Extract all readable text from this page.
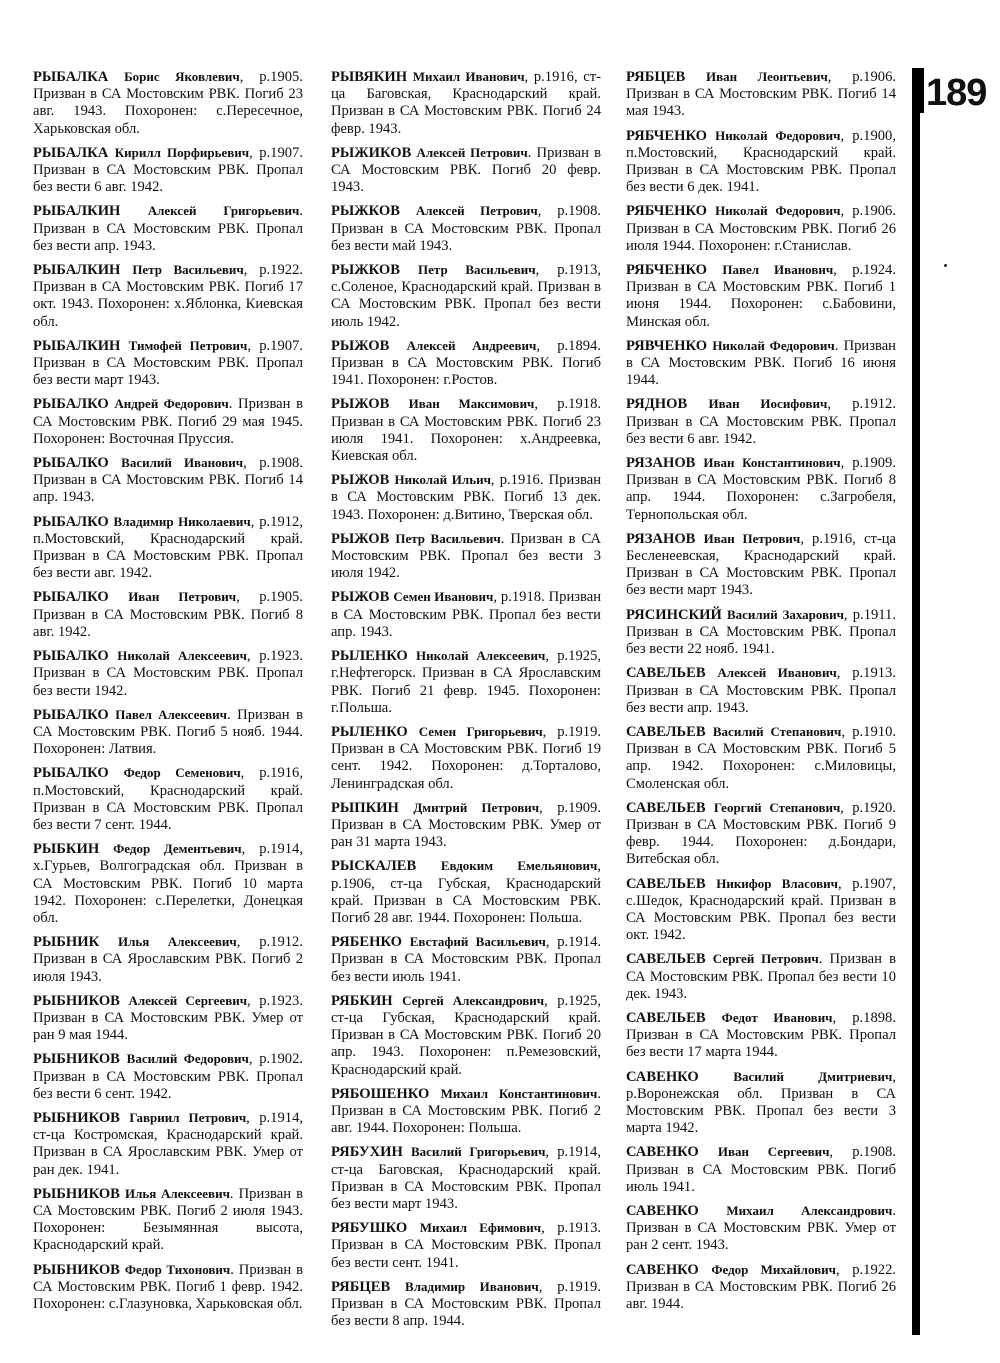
РЫБАЛКА Борис Яковлевич, р.1905. Призван в СА Мостовским РВК. Погиб 23 авг. 1943. Похоронен: с.Пересечное, Харьковская обл.

РЫБАЛКА Кирилл Порфирьевич, р.1907. Призван в СА Мостовским РВК. Пропал без вести 6 авг. 1942.

РЫБАЛКИН Алексей Григорьевич. Призван в СА Мостовским РВК. Пропал без вести апр. 1943.

РЫБАЛКИН Петр Васильевич, р.1922. Призван в СА Мостовским РВК. Погиб 17 окт. 1943. Похоронен: х.Яблонка, Киевская обл.

РЫБАЛКИН Тимофей Петрович, р.1907. Призван в СА Мостовским РВК. Пропал без вести март 1943.

РЫБАЛКО Андрей Федорович. Призван в СА Мостовским РВК. Погиб 29 мая 1945. Похоронен: Восточная Пруссия.

РЫБАЛКО Василий Иванович, р.1908. Призван в СА Мостовским РВК. Погиб 14 апр. 1943.

РЫБАЛКО Владимир Николаевич, р.1912, п.Мостовский, Краснодарский край. Призван в СА Мостовским РВК. Пропал без вести авг. 1942.

РЫБАЛКО Иван Петрович, р.1905. Призван в СА Мостовским РВК. Погиб 8 авг. 1942.

РЫБАЛКО Николай Алексеевич, р.1923. Призван в СА Мостовским РВК. Пропал без вести 1942.

РЫБАЛКО Павел Алексеевич. Призван в СА Мостовским РВК. Погиб 5 нояб. 1944. Похоронен: Латвия.

РЫБАЛКО Федор Семенович, р.1916, п.Мостовский, Краснодарский край. Призван в СА Мостовским РВК. Пропал без вести 7 сент. 1944.

РЫБКИН Федор Дементьевич, р.1914, х.Гурьев, Волгоградская обл. Призван в СА Мостовским РВК. Погиб 10 марта 1942. Похоронен: с.Перелетки, Донецкая обл.

РЫБНИК Илья Алексеевич, р.1912. Призван в СА Ярославским РВК. Погиб 2 июля 1943.

РЫБНИКОВ Алексей Сергеевич, р.1923. Призван в СА Мостовским РВК. Умер от ран 9 мая 1944.

РЫБНИКОВ Василий Федорович, р.1902. Призван в СА Мостовским РВК. Пропал без вести 6 сент. 1942.

РЫБНИКОВ Гавриил Петрович, р.1914, ст-ца Костромская, Краснодарский край. Призван в СА Ярославским РВК. Умер от ран дек. 1941.

РЫБНИКОВ Илья Алексеевич. Призван в СА Мостовским РВК. Погиб 2 июля 1943. Похоронен: Безымянная высота, Краснодарский край.

РЫБНИКОВ Федор Тихонович. Призван в СА Мостовским РВК. Погиб 1 февр. 1942. Похоронен: с.Глазуновка, Харьковская обл.

РЫВЯКИН Михаил Иванович, р.1916, ст-ца Баговская, Краснодарский край. Призван в СА Мостовским РВК. Погиб 24 февр. 1943.

РЫЖИКОВ Алексей Петрович. Призван в СА Мостовским РВК. Погиб 20 февр. 1943.

РЫЖКОВ Алексей Петрович, р.1908. Призван в СА Мостовским РВК. Пропал без вести май 1943.

РЫЖКОВ Петр Васильевич, р.1913, с.Соленое, Краснодарский край. Призван в СА Мостовским РВК. Пропал без вести июль 1942.

РЫЖОВ Алексей Андреевич, р.1894. Призван в СА Мостовским РВК. Погиб 1941. Похоронен: г.Ростов.

РЫЖОВ Иван Максимович, р.1918. Призван в СА Мостовским РВК. Погиб 23 июля 1941. Похоронен: х.Андреевка, Киевская обл.

РЫЖОВ Николай Ильич, р.1916. Призван в СА Мостовским РВК. Погиб 13 дек. 1943. Похоронен: д.Витино, Тверская обл.

РЫЖОВ Петр Васильевич. Призван в СА Мостовским РВК. Пропал без вести 3 июля 1942.

РЫЖОВ Семен Иванович, р.1918. Призван в СА Мостовским РВК. Пропал без вести апр. 1943.

РЫЛЕНКО Николай Алексеевич, р.1925, г.Нефтегорск. Призван в СА Ярославским РВК. Погиб 21 февр. 1945. Похоронен: г.Польша.

РЫЛЕНКО Семен Григорьевич, р.1919. Призван в СА Мостовским РВК. Погиб 19 сент. 1942. Похоронен: д.Торталово, Ленинградская обл.

РЫПКИН Дмитрий Петрович, р.1909. Призван в СА Мостовским РВК. Умер от ран 31 марта 1943.

РЫСКАЛЕВ Евдоким Емельянович, р.1906, ст-ца Губская, Краснодарский край. Призван в СА Мостовским РВК. Погиб 28 авг. 1944. Похоронен: Польша.

РЯБЕНКО Евстафий Васильевич, р.1914. Призван в СА Мостовским РВК. Пропал без вести июль 1941.

РЯБКИН Сергей Александрович, р.1925, ст-ца Губская, Краснодарский край. Призван в СА Мостовским РВК. Погиб 20 апр. 1943. Похоронен: п.Ремезовский, Краснодарский край.

РЯБОШЕНКО Михаил Константинович. Призван в СА Мостовским РВК. Погиб 2 авг. 1944. Похоронен: Польша.

РЯБУХИН Василий Григорьевич, р.1914, ст-ца Баговская, Краснодарский край. Призван в СА Мостовским РВК. Пропал без вести март 1943.

РЯБУШКО Михаил Ефимович, р.1913. Призван в СА Мостовским РВК. Пропал без вести сент. 1941.

РЯБЦЕВ Владимир Иванович, р.1919. Призван в СА Мостовским РВК. Пропал без вести 8 апр. 1944.

РЯБЦЕВ Иван Леонтьевич, р.1906. Призван в СА Мостовским РВК. Погиб 14 мая 1943.

РЯБЧЕНКО Николай Федорович, р.1900, п.Мостовский, Краснодарский край. Призван в СА Мостовским РВК. Пропал без вести 6 дек. 1941.

РЯБЧЕНКО Николай Федорович, р.1906. Призван в СА Мостовским РВК. Погиб 26 июля 1944. Похоронен: г.Станислав.

РЯБЧЕНКО Павел Иванович, р.1924. Призван в СА Мостовским РВК. Погиб 1 июня 1944. Похоронен: с.Бабовини, Минская обл.

РЯВЧЕНКО Николай Федорович. Призван в СА Мостовским РВК. Погиб 16 июня 1944.

РЯДНОВ Иван Иосифович, р.1912. Призван в СА Мостовским РВК. Пропал без вести 6 авг. 1942.

РЯЗАНОВ Иван Константинович, р.1909. Призван в СА Мостовским РВК. Погиб 8 апр. 1944. Похоронен: с.Загробеля, Тернопольская обл.

РЯЗАНОВ Иван Петрович, р.1916, ст-ца Бесленеевская, Краснодарский край. Призван в СА Мостовским РВК. Пропал без вести март 1943.

РЯСИНСКИЙ Василий Захарович, р.1911. Призван в СА Мостовским РВК. Пропал без вести 22 нояб. 1941.

САВЕЛЬЕВ Алексей Иванович, р.1913. Призван в СА Мостовским РВК. Пропал без вести апр. 1943.

САВЕЛЬЕВ Василий Степанович, р.1910. Призван в СА Мостовским РВК. Погиб 5 апр. 1942. Похоронен: с.Миловицы, Смоленская обл.

САВЕЛЬЕВ Георгий Степанович, р.1920. Призван в СА Мостовским РВК. Погиб 9 февр. 1944. Похоронен: д.Бондари, Витебская обл.

САВЕЛЬЕВ Никифор Власович, р.1907, с.Шедок, Краснодарский край. Призван в СА Мостовским РВК. Пропал без вести окт. 1942.

САВЕЛЬЕВ Сергей Петрович. Призван в СА Мостовским РВК. Пропал без вести 10 дек. 1943.

САВЕЛЬЕВ Федот Иванович, р.1898. Призван в СА Мостовским РВК. Пропал без вести 17 марта 1944.

САВЕНКО	Василий Дмитриевич, р.Воронежская обл. Призван в СА Мостовским РВК. Пропал без вести 3 марта 1942.

САВЕНКО Иван Сергеевич, р.1908. Призван в СА Мостовским РВК. Погиб июль 1941.

САВЕНКО Михаил Александрович. Призван в СА Мостовским РВК. Умер от ран 2 сент. 1943.

САВЕНКО Федор Михайлович, р.1922. Призван в СА Мостовским РВК. Погиб 26 авг. 1944.

189
